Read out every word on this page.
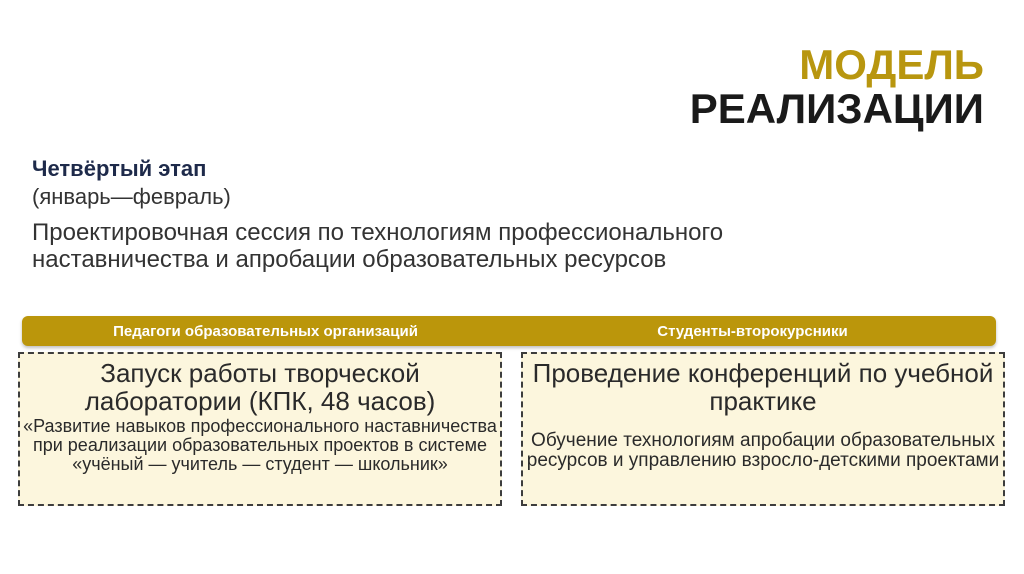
МОДЕЛЬ
РЕАЛИЗАЦИИ
Четвёртый этап
(январь—февраль)
Проектировочная сессия по технологиям профессионального наставничества и апробации образовательных ресурсов
Педагоги образовательных организаций	Студенты-второкурсники
Запуск работы творческой лаборатории (КПК, 48 часов)
«Развитие навыков профессионального наставничества при реализации образовательных проектов в системе «учёный — учитель — студент — школьник»
Проведение конференций по учебной практике
Обучение технологиям апробации образовательных ресурсов и управлению взросло-детскими проектами
